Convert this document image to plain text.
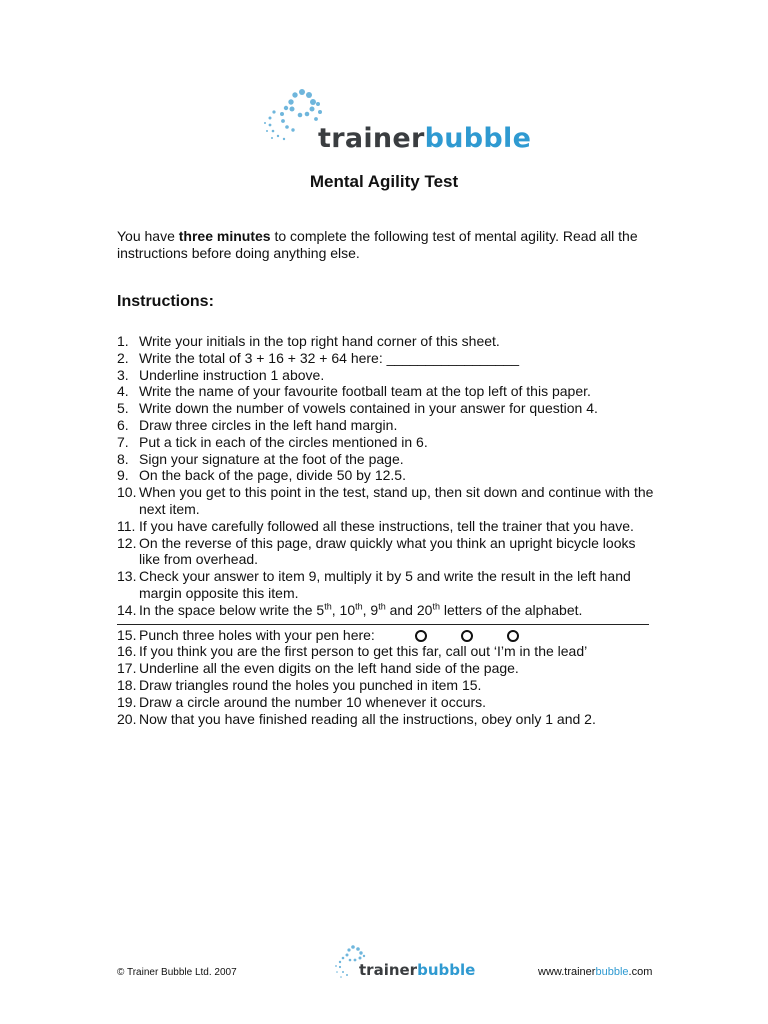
trainerbubble
Mental Agility Test
You have three minutes to complete the following test of mental agility. Read all the instructions before doing anything else.
Instructions:
1. Write your initials in the top right hand corner of this sheet.
2. Write the total of 3 + 16 + 32 + 64 here: _________________
3. Underline instruction 1 above.
4. Write the name of your favourite football team at the top left of this paper.
5. Write down the number of vowels contained in your answer for question 4.
6. Draw three circles in the left hand margin.
7. Put a tick in each of the circles mentioned in 6.
8. Sign your signature at the foot of the page.
9. On the back of the page, divide 50 by 12.5.
10. When you get to this point in the test, stand up, then sit down and continue with the next item.
11. If you have carefully followed all these instructions, tell the trainer that you have.
12. On the reverse of this page, draw quickly what you think an upright bicycle looks like from overhead.
13. Check your answer to item 9, multiply it by 5 and write the result in the left hand margin opposite this item.
14. In the space below write the 5th, 10th, 9th and 20th letters of the alphabet.
15. Punch three holes with your pen here:
16. If you think you are the first person to get this far, call out ‘I’m in the lead’
17. Underline all the even digits on the left hand side of the page.
18. Draw triangles round the holes you punched in item 15.
19. Draw a circle around the number 10 whenever it occurs.
20. Now that you have finished reading all the instructions, obey only 1 and 2.
© Trainer Bubble Ltd. 2007	trainerbubble	www.trainerbubble.com
